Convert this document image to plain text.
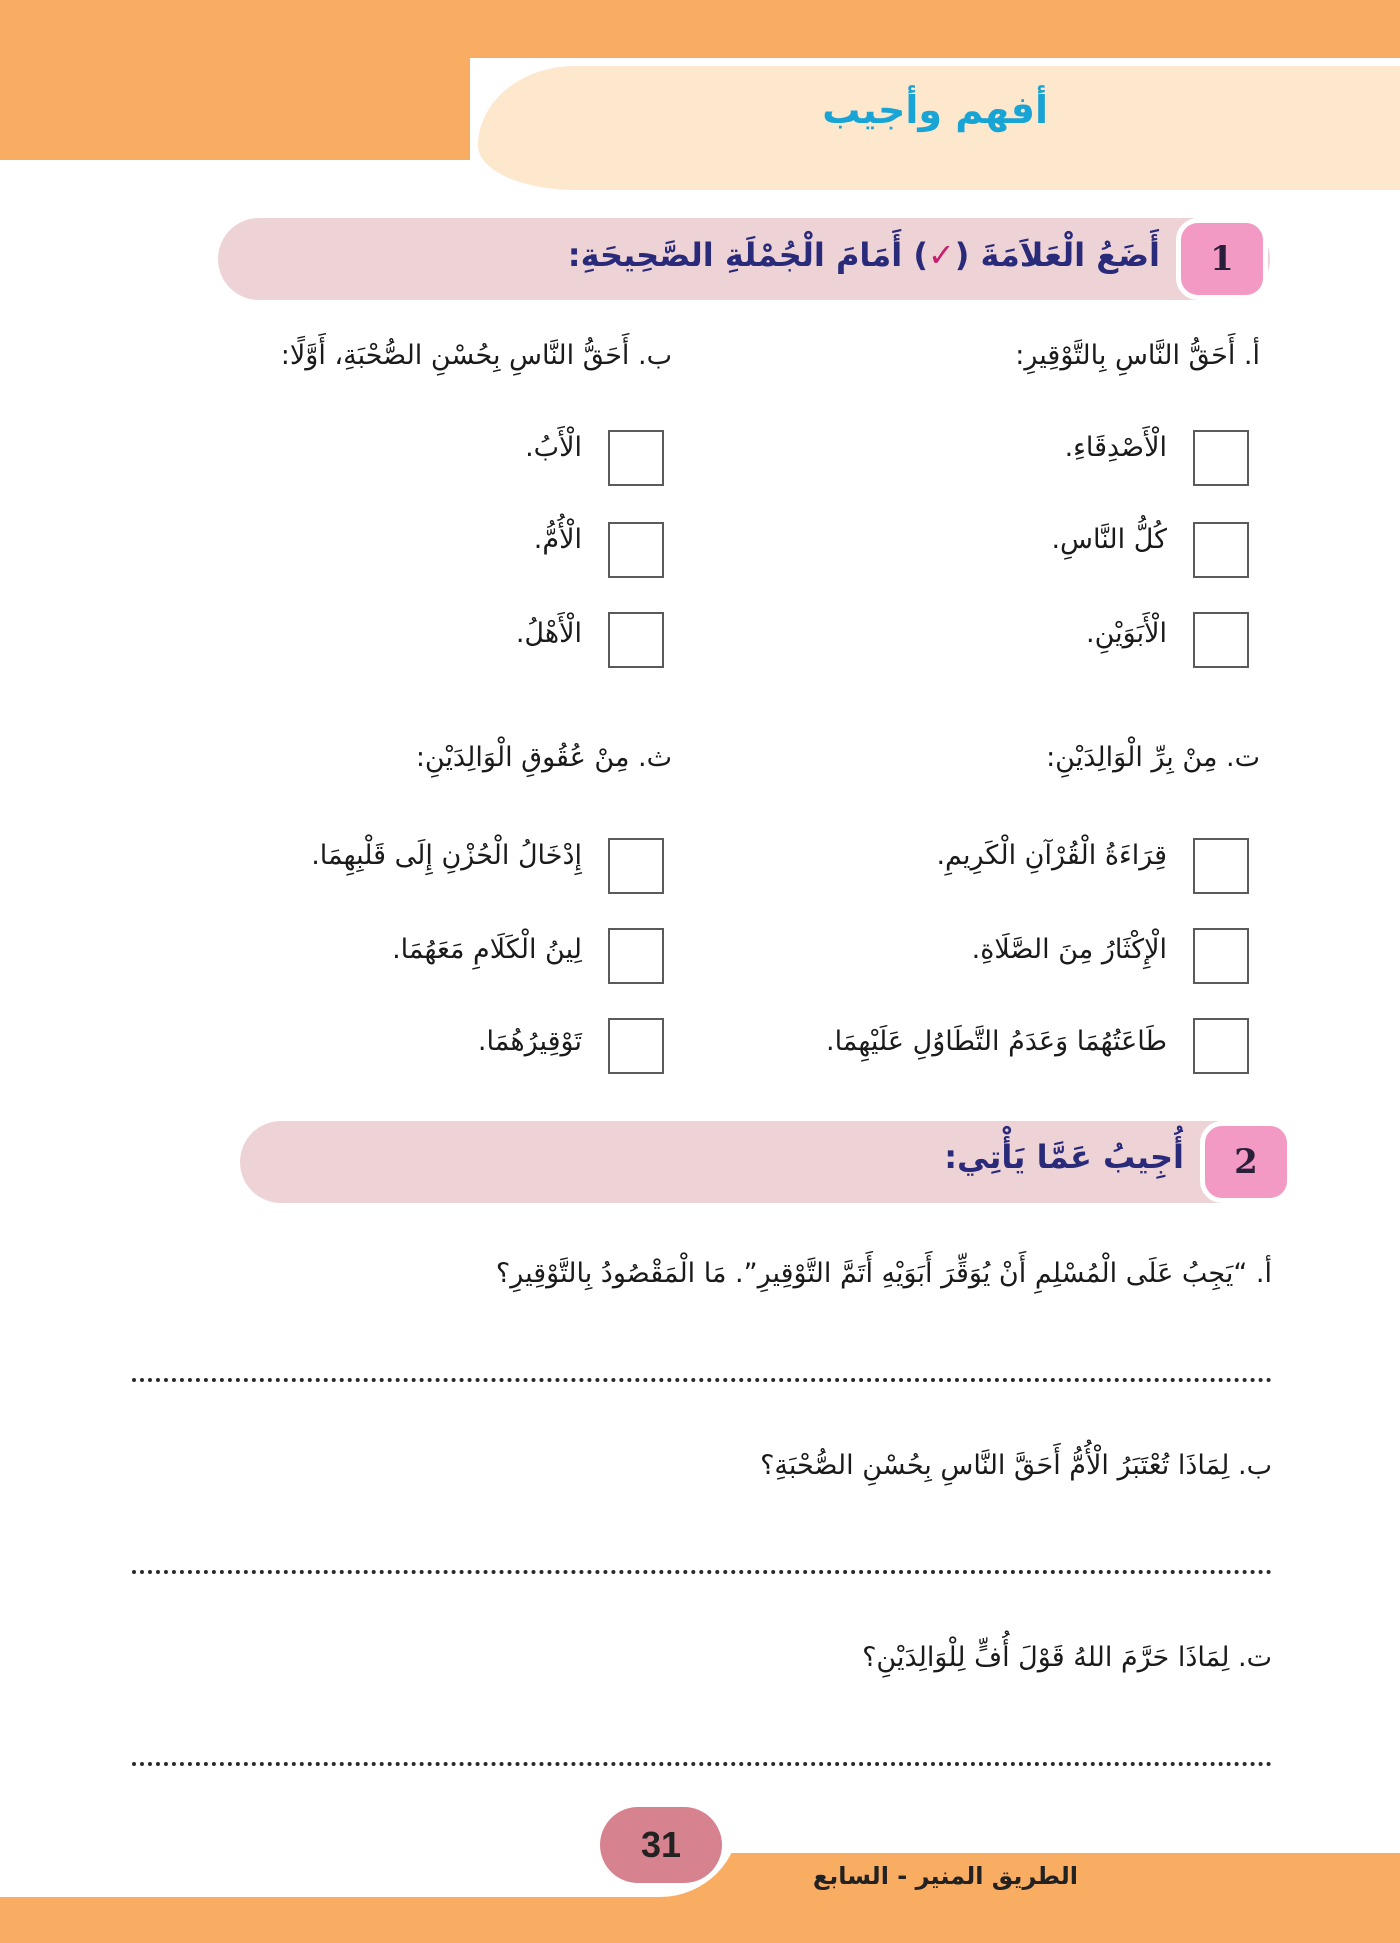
أفهم وأجيب
1
أَضَعُ الْعَلاَمَةَ (✓) أَمَامَ الْجُمْلَةِ الصَّحِيحَةِ:
أ. أَحَقُّ النَّاسِ بِالتَّوْقِيرِ:
الْأَصْدِقَاءِ.
كُلُّ النَّاسِ.
الْأَبَوَيْنِ.
ب. أَحَقُّ النَّاسِ بِحُسْنِ الصُّحْبَةِ، أَوَّلًا:
الْأَبُ.
الْأُمُّ.
الْأَهْلُ.
ت. مِنْ بِرِّ الْوَالِدَيْنِ:
قِرَاءَةُ الْقُرْآنِ الْكَرِيمِ.
الْإِكْثَارُ مِنَ الصَّلَاةِ.
طَاعَتُهُمَا وَعَدَمُ التَّطَاوُلِ عَلَيْهِمَا.
ث. مِنْ عُقُوقِ الْوَالِدَيْنِ:
إِدْخَالُ الْحُزْنِ إِلَى قَلْبِهِمَا.
لِينُ الْكَلَامِ مَعَهُمَا.
تَوْقِيرُهُمَا.
2
أُجِيبُ عَمَّا يَأْتِي:
أ. “يَجِبُ عَلَى الْمُسْلِمِ أَنْ يُوَقِّرَ أَبَوَيْهِ أَتَمَّ التَّوْقِيرِ”. مَا الْمَقْصُودُ بِالتَّوْقِيرِ؟
ب. لِمَاذَا تُعْتَبَرُ الْأُمُّ أَحَقَّ النَّاسِ بِحُسْنِ الصُّحْبَةِ؟
ت. لِمَاذَا حَرَّمَ اللهُ قَوْلَ أُفٍّ لِلْوَالِدَيْنِ؟
31
الطريق المنير - السابع
